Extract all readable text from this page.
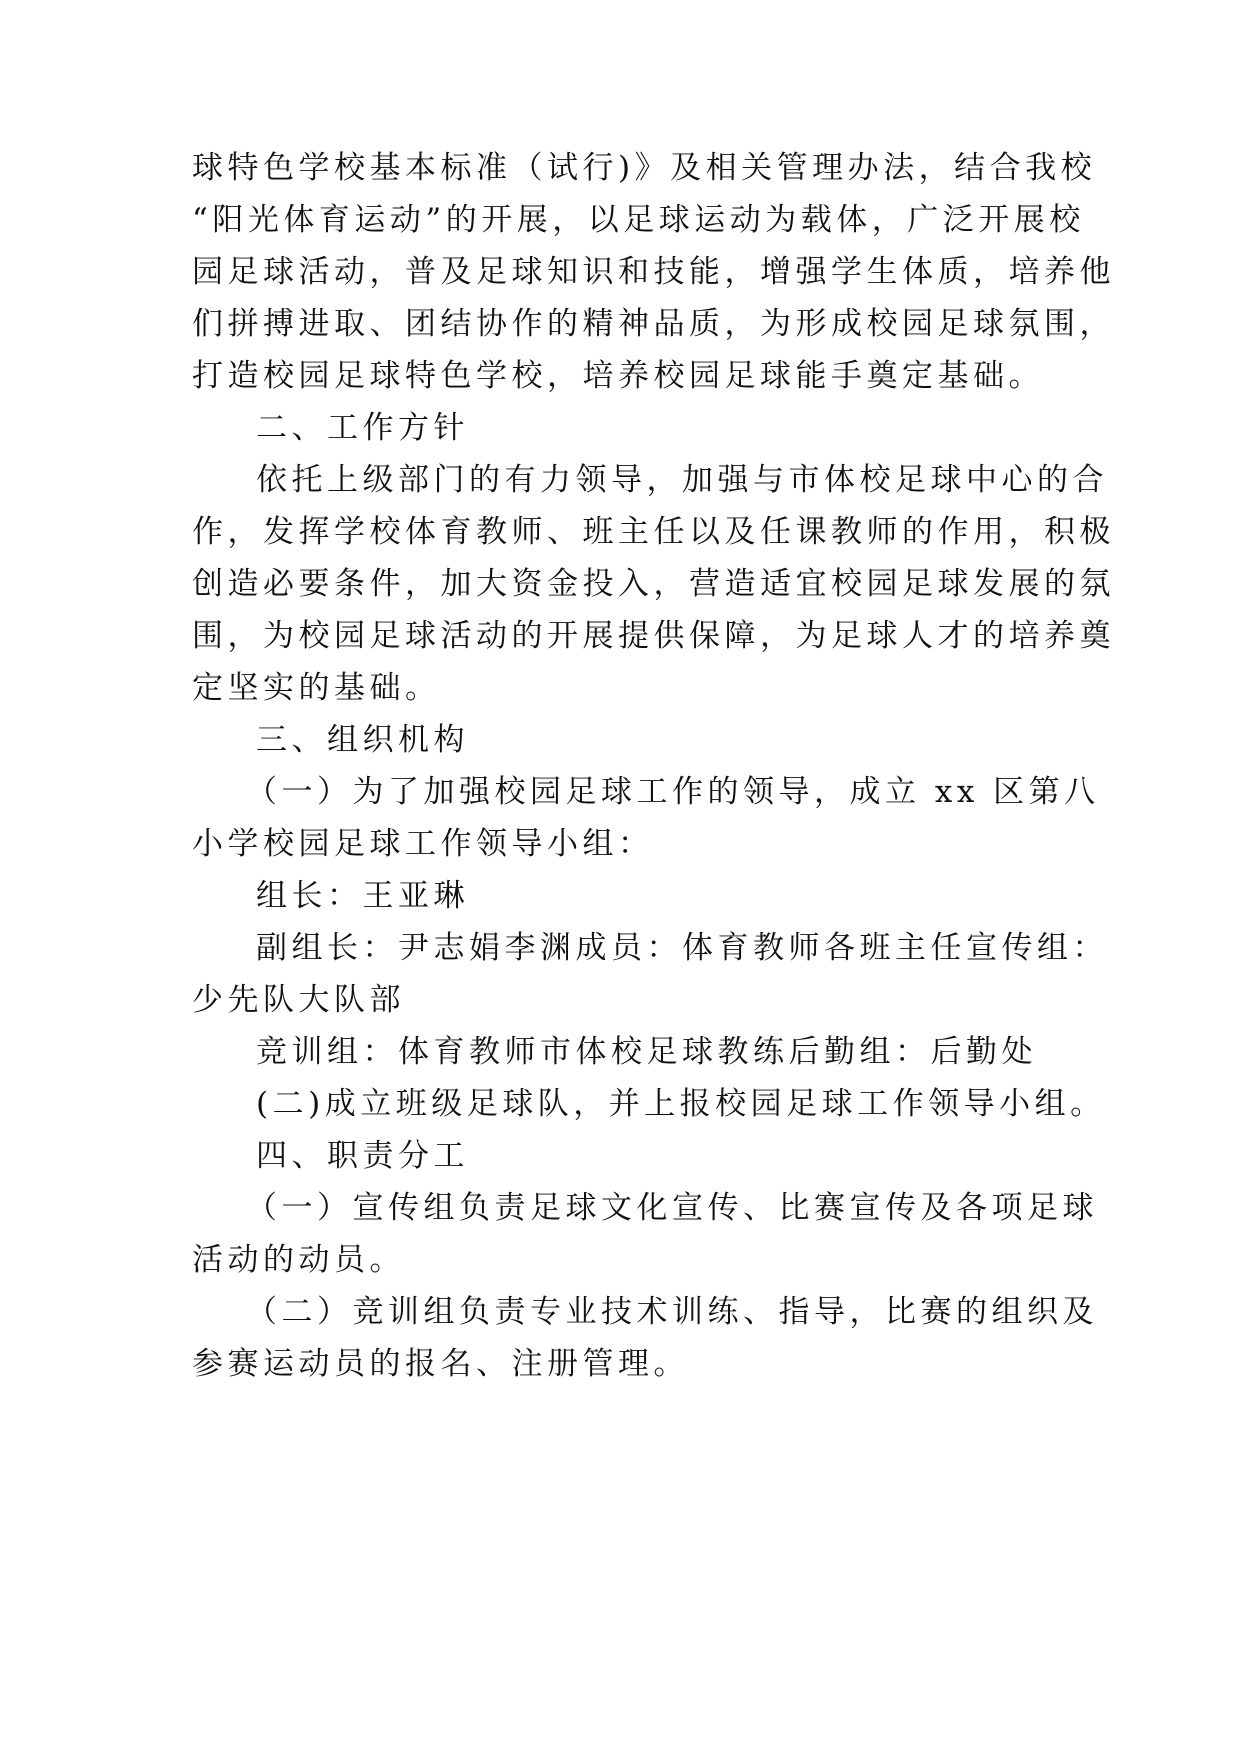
球特色学校基本标准（试行)》及相关管理办法，结合我校
“阳光体育运动”的开展，以足球运动为载体，广泛开展校
园足球活动，普及足球知识和技能，增强学生体质，培养他
们拼搏进取、团结协作的精神品质，为形成校园足球氛围，
打造校园足球特色学校，培养校园足球能手奠定基础。
二、工作方针
依托上级部门的有力领导，加强与市体校足球中心的合
作，发挥学校体育教师、班主任以及任课教师的作用，积极
创造必要条件，加大资金投入，营造适宜校园足球发展的氛
围，为校园足球活动的开展提供保障，为足球人才的培养奠
定坚实的基础。
三、组织机构
（一）为了加强校园足球工作的领导，成立 xx 区第八
小学校园足球工作领导小组：
组长：王亚琳
副组长：尹志娟李渊成员：体育教师各班主任宣传组：
少先队大队部
竞训组：体育教师市体校足球教练后勤组：后勤处
(二)成立班级足球队，并上报校园足球工作领导小组。
四、职责分工
（一）宣传组负责足球文化宣传、比赛宣传及各项足球
活动的动员。
（二）竞训组负责专业技术训练、指导，比赛的组织及
参赛运动员的报名、注册管理。
